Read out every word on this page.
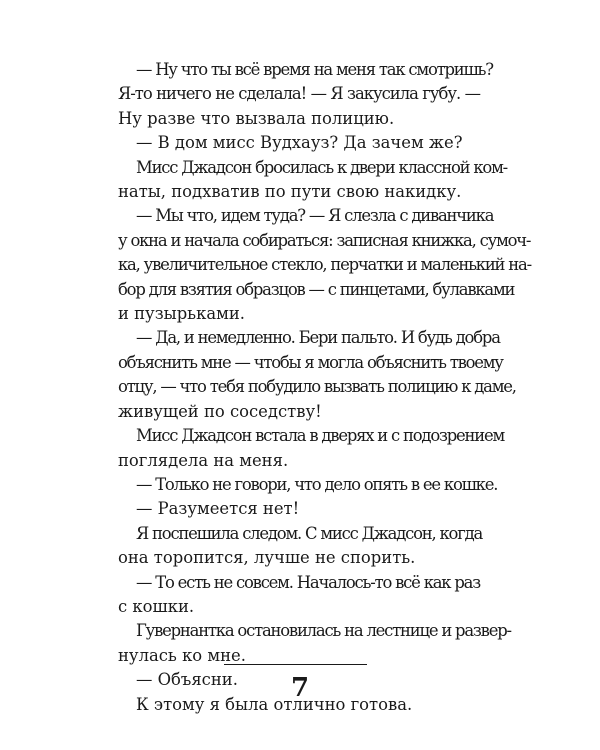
— Ну что ты всё время на меня так смотришь?
Я-то ничего не сделала! — Я закусила губу. —
Ну разве что вызвала полицию.

— В дом мисс Вудхауз? Да зачем же?

Мисс Джадсон бросилась к двери классной ком-
наты, подхватив по пути свою накидку.

— Мы что, идем туда? — Я слезла с диванчика
у окна и начала собираться: записная книжка, сумоч-
ка, увеличительное стекло, перчатки и маленький на-
бор для взятия образцов — с пинцетами, булавками
и пузырьками.

— Да, и немедленно. Бери пальто. И будь добра
объяснить мне — чтобы я могла объяснить твоему
отцу, — что тебя побудило вызвать полицию к даме,
живущей по соседству!

Мисс Джадсон встала в дверях и с подозрением
поглядела на меня.

— Только не говори, что дело опять в ее кошке.

— Разумеется нет!

Я поспешила следом. С мисс Джадсон, когда
она торопится, лучше не спорить.

— То есть не совсем. Началось-то всё как раз
с кошки.

Гувернантка остановилась на лестнице и развер-
нулась ко мне.

— Объясни.

К этому я была отлично готова.

7
